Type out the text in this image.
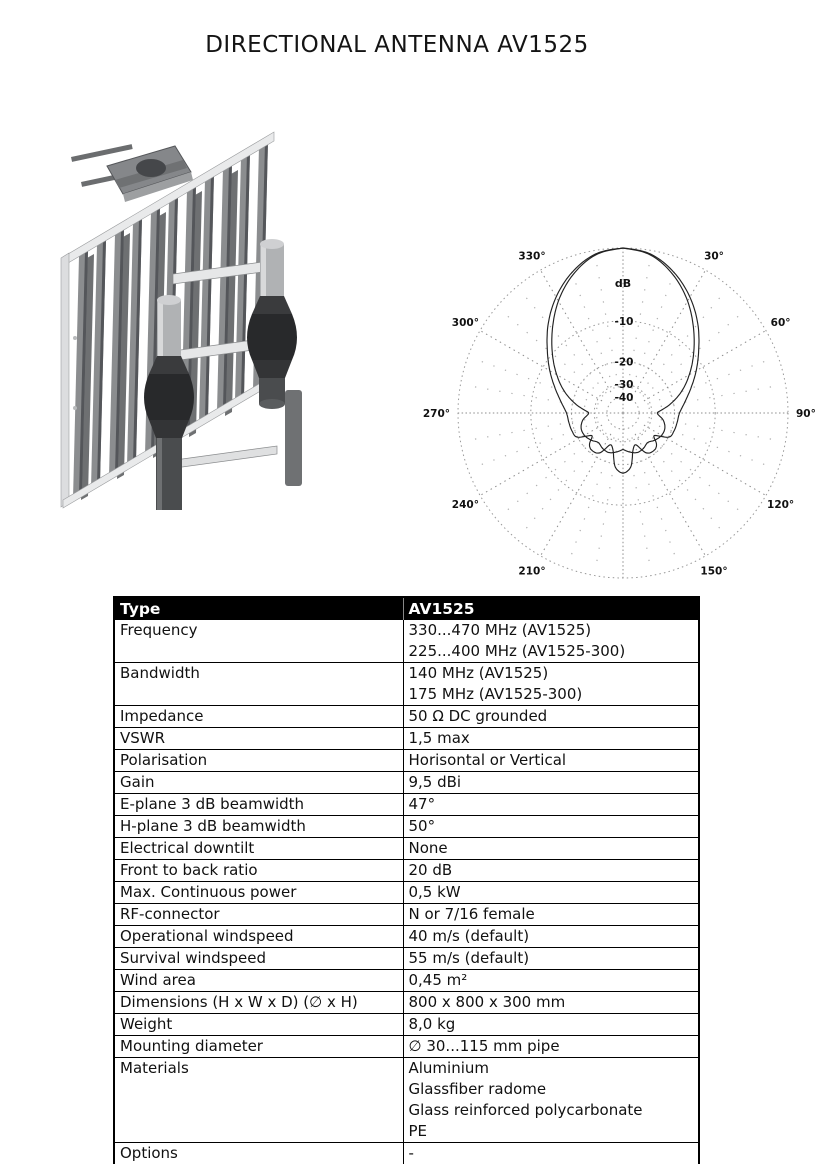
DIRECTIONAL ANTENNA AV1525
30°
60°
90°
120°
150°
210°
240°
270°
300°
330°
dB
-10
-20
-30
-40
Type	AV1525
Frequency	330...470 MHz (AV1525)
225...400 MHz (AV1525-300)

Bandwidth	140 MHz (AV1525)
175 MHz (AV1525-300)

Impedance	50 Ω DC grounded

VSWR	1,5 max

Polarisation	Horisontal or Vertical

Gain	9,5 dBi

E-plane 3 dB beamwidth	47°

H-plane 3 dB beamwidth	50°

Electrical downtilt	None

Front to back ratio	20 dB

Max. Continuous power	0,5 kW

RF-connector	N or 7/16 female

Operational windspeed	40 m/s (default)

Survival windspeed	55 m/s (default)

Wind area	0,45 m²

Dimensions (H x W x D) (∅ x H)	800 x 800 x 300 mm

Weight	8,0 kg

Mounting diameter	∅ 30...115 mm pipe

Materials	Aluminium
Glassfiber radome
Glass reinforced polycarbonate
PE

Options	-
